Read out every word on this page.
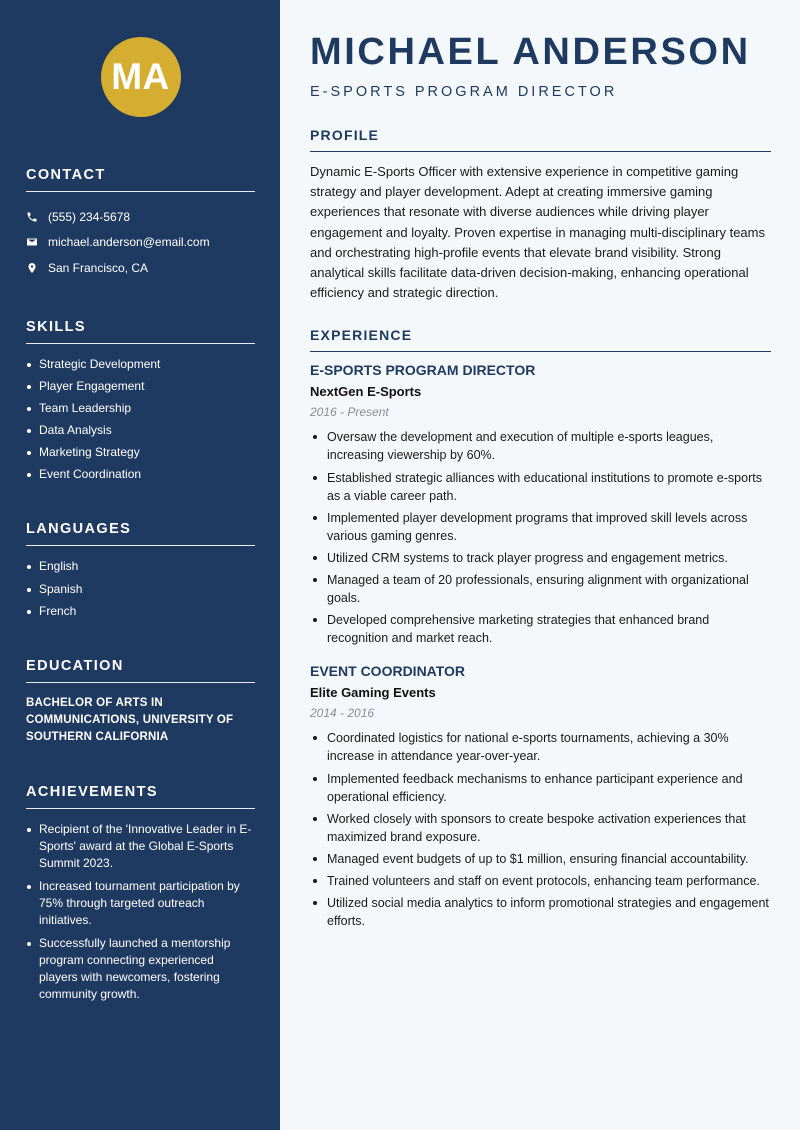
MA
CONTACT
(555) 234-5678
michael.anderson@email.com
San Francisco, CA
SKILLS
Strategic Development
Player Engagement
Team Leadership
Data Analysis
Marketing Strategy
Event Coordination
LANGUAGES
English
Spanish
French
EDUCATION
BACHELOR OF ARTS IN COMMUNICATIONS, UNIVERSITY OF SOUTHERN CALIFORNIA
ACHIEVEMENTS
Recipient of the 'Innovative Leader in E-Sports' award at the Global E-Sports Summit 2023.
Increased tournament participation by 75% through targeted outreach initiatives.
Successfully launched a mentorship program connecting experienced players with newcomers, fostering community growth.
MICHAEL ANDERSON
E-SPORTS PROGRAM DIRECTOR
PROFILE

Dynamic E-Sports Officer with extensive experience in competitive gaming strategy and player development. Adept at creating immersive gaming experiences that resonate with diverse audiences while driving player engagement and loyalty. Proven expertise in managing multi-disciplinary teams and orchestrating high-profile events that elevate brand visibility. Strong analytical skills facilitate data-driven decision-making, enhancing operational efficiency and strategic direction.

EXPERIENCE
E-SPORTS PROGRAM DIRECTOR
NextGen E-Sports
2016 - Present
Oversaw the development and execution of multiple e-sports leagues, increasing viewership by 60%.
Established strategic alliances with educational institutions to promote e-sports as a viable career path.
Implemented player development programs that improved skill levels across various gaming genres.
Utilized CRM systems to track player progress and engagement metrics.
Managed a team of 20 professionals, ensuring alignment with organizational goals.
Developed comprehensive marketing strategies that enhanced brand recognition and market reach.
EVENT COORDINATOR
Elite Gaming Events
2014 - 2016
Coordinated logistics for national e-sports tournaments, achieving a 30% increase in attendance year-over-year.
Implemented feedback mechanisms to enhance participant experience and operational efficiency.
Worked closely with sponsors to create bespoke activation experiences that maximized brand exposure.
Managed event budgets of up to $1 million, ensuring financial accountability.
Trained volunteers and staff on event protocols, enhancing team performance.
Utilized social media analytics to inform promotional strategies and engagement efforts.
